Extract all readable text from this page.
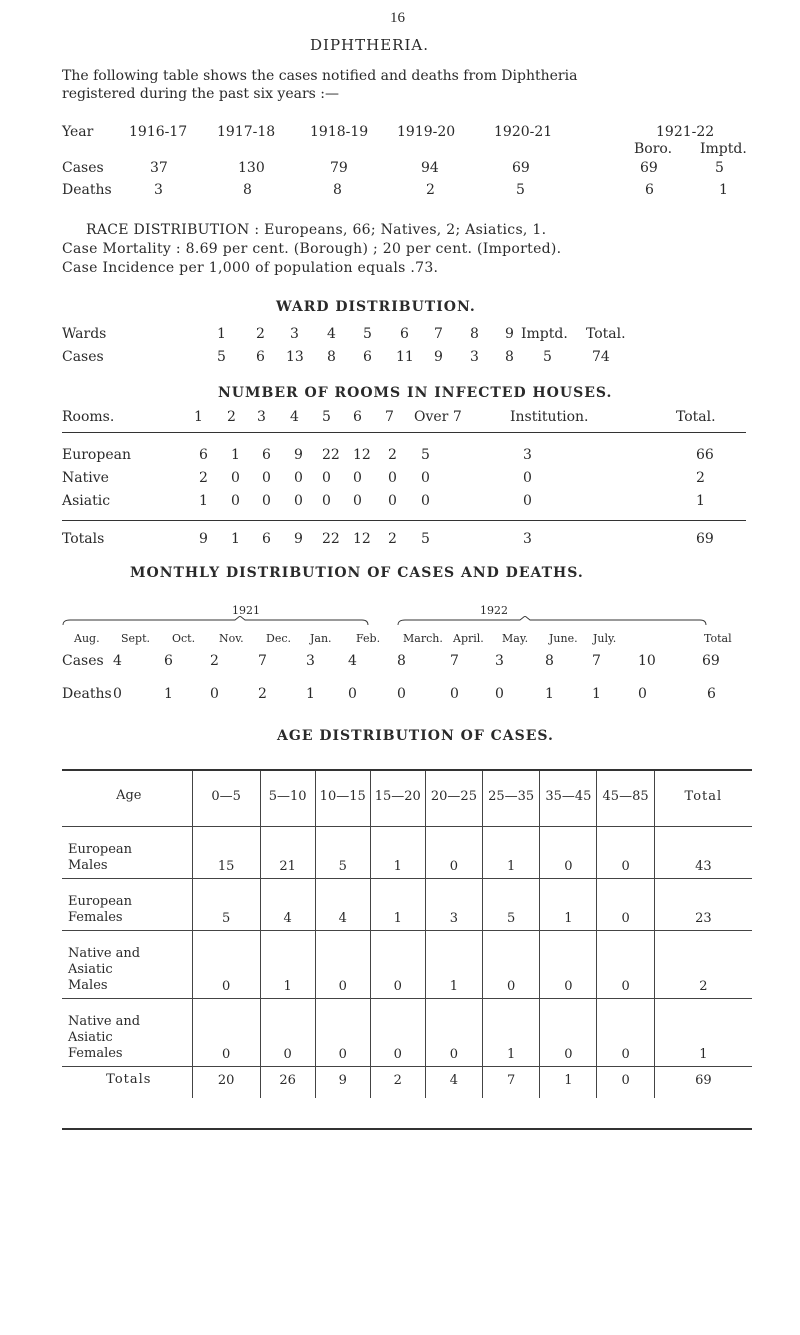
16
DIPHTHERIA.
The following table shows the cases notified and deaths from Diphtheria
registered during the past six years :—
Year	1916-17 1917-18 1918-19 1919-20	1920-21	1921-22
Boro. Imptd.
Cases	37	130	79	94	69	69	5
Deaths	3	8	8	2	5	6	1
RACE DISTRIBUTION : Europeans, 66; Natives, 2; Asiatics, 1.
Case Mortality : 8.69 per cent. (Borough) ; 20 per cent. (Imported).
Case Incidence per 1,000 of population equals .73.
WARD DISTRIBUTION.
Wards	1 2 3 4 5 6 7 8 9 Imptd. Total.
Cases	5 6 13 8 6 11 9 3 8 5	74
NUMBER OF ROOMS IN INFECTED HOUSES.
Rooms.	1 2 3 4 5 6 7 Over 7	Institution.	Total.
European	6 1 6 9 22 12 2 5	3	66
Native	2 0 0 0 0 0 0 0	0	2
Asiatic	1 0 0 0 0 0 0 0	0	1
Totals	9 1 6 9 22 12 2 5	3	69
MONTHLY DISTRIBUTION OF CASES AND DEATHS.
1921	1922
Aug. Sept. Oct. Nov. Dec. Jan. Feb. March. April. May. June. July.	Total
Cases 4	6	2	7	3 4	8	7	3	8	7	10	69
Deaths 0	1	0	2	1 0	0	0	0	1	1	0	6
AGE DISTRIBUTION OF CASES.
Age	0—5	5—10	10—15	15—20	20—25	25—35	35—45	45—85	Total

European
Males	15	21	5	1	0	1	0	0	43

European
Females	5	4	4	1	3	5	1	0	23

Native and
Asiatic
Males	0	1	0	0	1	0	0	0	2

Native and
Asiatic
Females	0	0	0	0	0	1	0	0	1
Totals	20	26	9	2	4	7	1	0	69
